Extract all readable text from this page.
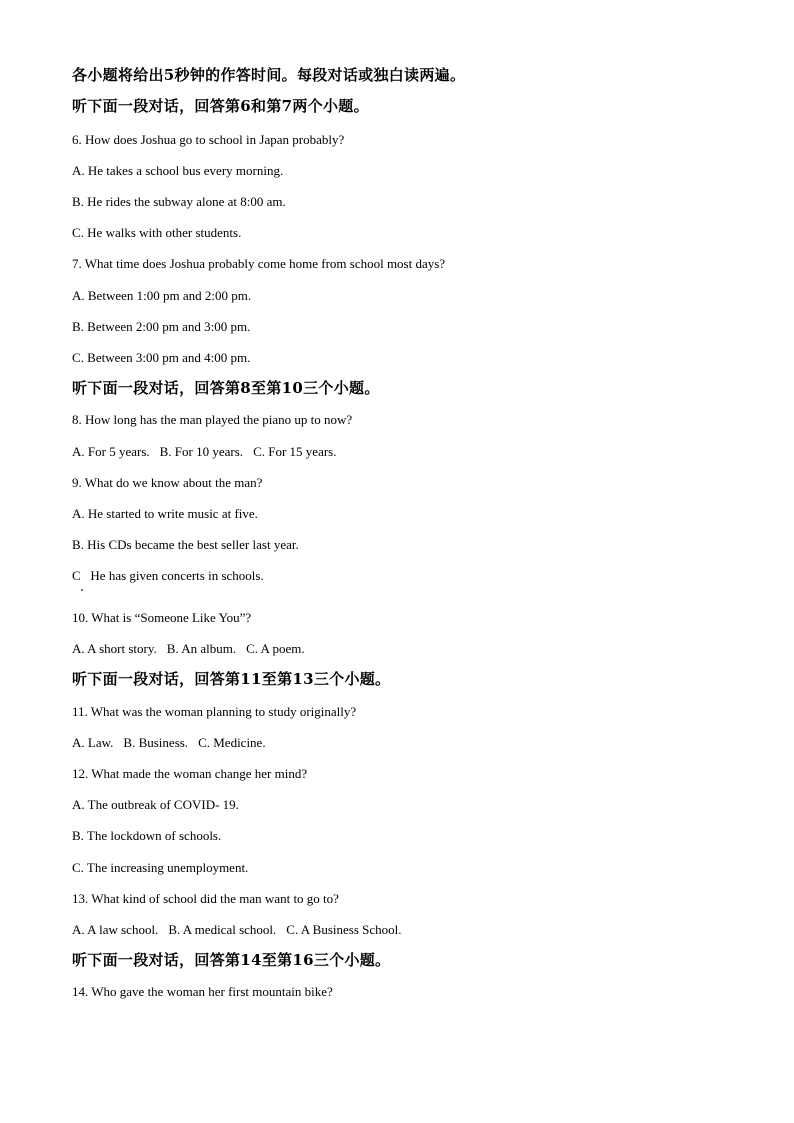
各小题将给出5秒钟的作答时间。每段对话或独白读两遍。
听下面一段对话，回答第6和第7两个小题。
6. How does Joshua go to school in Japan probably?
A. He takes a school bus every morning.
B. He rides the subway alone at 8:00 am.
C. He walks with other students.
7. What time does Joshua probably come home from school most days?
A. Between 1:00 pm and 2:00 pm.
B. Between 2:00 pm and 3:00 pm.
C. Between 3:00 pm and 4:00 pm.
听下面一段对话，回答第8至第10三个小题。
8. How long has the man played the piano up to now?
A. For 5 years. B. For 10 years. C. For 15 years.
9. What do we know about the man?
A. He started to write music at five.
B. His CDs became the best seller last year.
C   He has given concerts in schools.
10. What is “Someone Like You”?
A. A short story. B. An album. C. A poem.
听下面一段对话，回答第11至第13三个小题。
11. What was the woman planning to study originally?
A. Law. B. Business. C. Medicine.
12. What made the woman change her mind?
A. The outbreak of COVID- 19.
B. The lockdown of schools.
C. The increasing unemployment.
13. What kind of school did the man want to go to?
A. A law school. B. A medical school. C. A Business School.
听下面一段对话，回答第14至第16三个小题。
14. Who gave the woman her first mountain bike?
